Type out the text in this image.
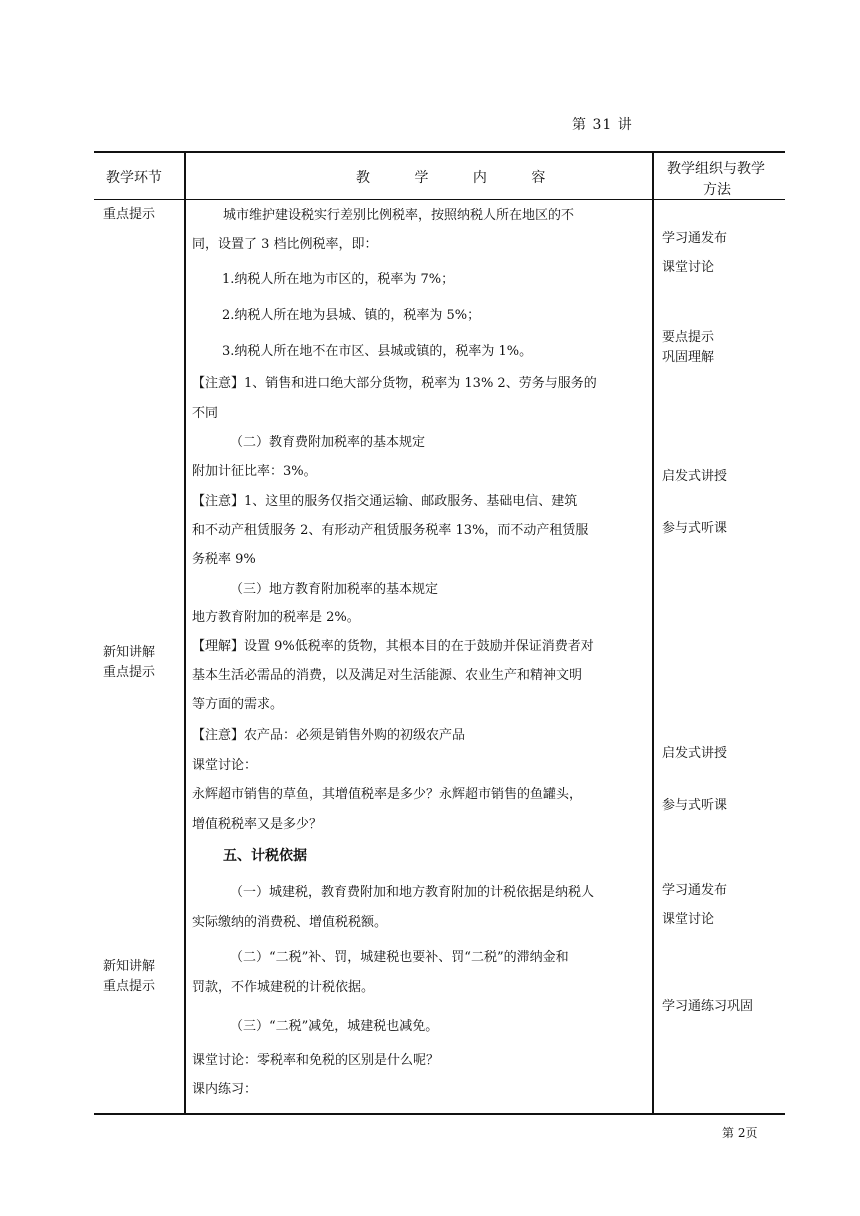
第 31 讲
教学环节	教 学 内 容
教学组织与教学
方法
重点提示
新知讲解
重点提示
新知讲解
重点提示
城市维护建设税实行差别比例税率，按照纳税人所在地区的不
同，设置了 3 档比例税率，即：
1.纳税人所在地为市区的，税率为 7%；
2.纳税人所在地为县城、镇的，税率为 5%；
3.纳税人所在地不在市区、县城或镇的，税率为 1%。
【注意】1、销售和进口绝大部分货物，税率为 13% 2、劳务与服务的
不同
（二）教育费附加税率的基本规定
附加计征比率：3%。
【注意】1、这里的服务仅指交通运输、邮政服务、基础电信、建筑
和不动产租赁服务 2、有形动产租赁服务税率 13%，而不动产租赁服
务税率 9%
（三）地方教育附加税率的基本规定
地方教育附加的税率是 2%。
【理解】设置 9%低税率的货物，其根本目的在于鼓励并保证消费者对
基本生活必需品的消费，以及满足对生活能源、农业生产和精神文明
等方面的需求。
【注意】农产品：必须是销售外购的初级农产品
课堂讨论：
永辉超市销售的草鱼，其增值税率是多少？永辉超市销售的鱼罐头，
增值税税率又是多少？
五、计税依据
（一）城建税，教育费附加和地方教育附加的计税依据是纳税人
实际缴纳的消费税、增值税税额。
（二）“二税”补、罚，城建税也要补、罚“二税”的滞纳金和
罚款，不作城建税的计税依据。
（三）“二税”减免，城建税也减免。
课堂讨论：零税率和免税的区别是什么呢？
课内练习：
学习通发布
课堂讨论
要点提示
巩固理解
启发式讲授
参与式听课
启发式讲授
参与式听课
学习通发布
课堂讨论
学习通练习巩固
第 2页
